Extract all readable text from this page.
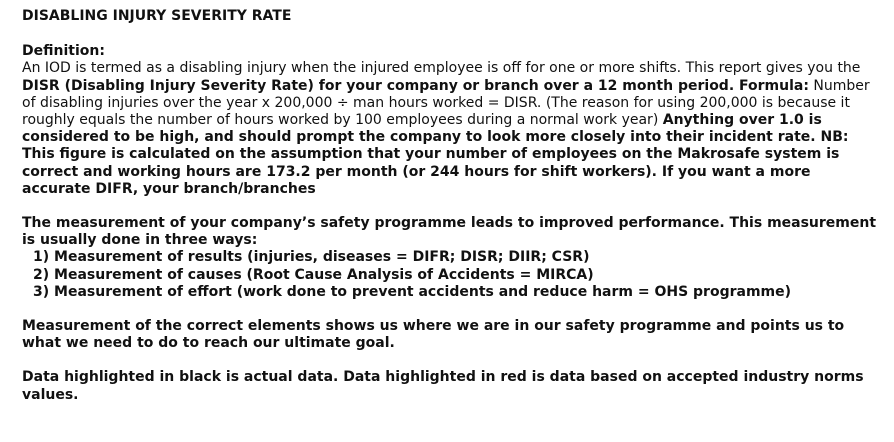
DISABLING INJURY SEVERITY RATE
Definition:

An IOD is termed as a disabling injury when the injured employee is off for one or more shifts. This report gives you the DISR (Disabling Injury Severity Rate) for your company or branch over a 12 month period. Formula: Number of disabling injuries over the year x 200,000 ÷ man hours worked = DISR. (The reason for using 200,000 is because it roughly equals the number of hours worked by 100 employees during a normal work year) Anything over 1.0 is considered to be high, and should prompt the company to look more closely into their incident rate. NB: This figure is calculated on the assumption that your number of employees on the Makrosafe system is correct and working hours are 173.2 per month (or 244 hours for shift workers). If you want a more accurate DIFR, your branch/branches

The measurement of your company’s safety programme leads to improved performance. This measurement is usually done in three ways:

1) Measurement of results (injuries, diseases = DIFR; DISR; DIIR; CSR)
2) Measurement of causes (Root Cause Analysis of Accidents = MIRCA)
3) Measurement of effort (work done to prevent accidents and reduce harm = OHS programme)

Measurement of the correct elements shows us where we are in our safety programme and points us to what we need to do to reach our ultimate goal.

Data highlighted in black is actual data. Data highlighted in red is data based on accepted industry norms values.
